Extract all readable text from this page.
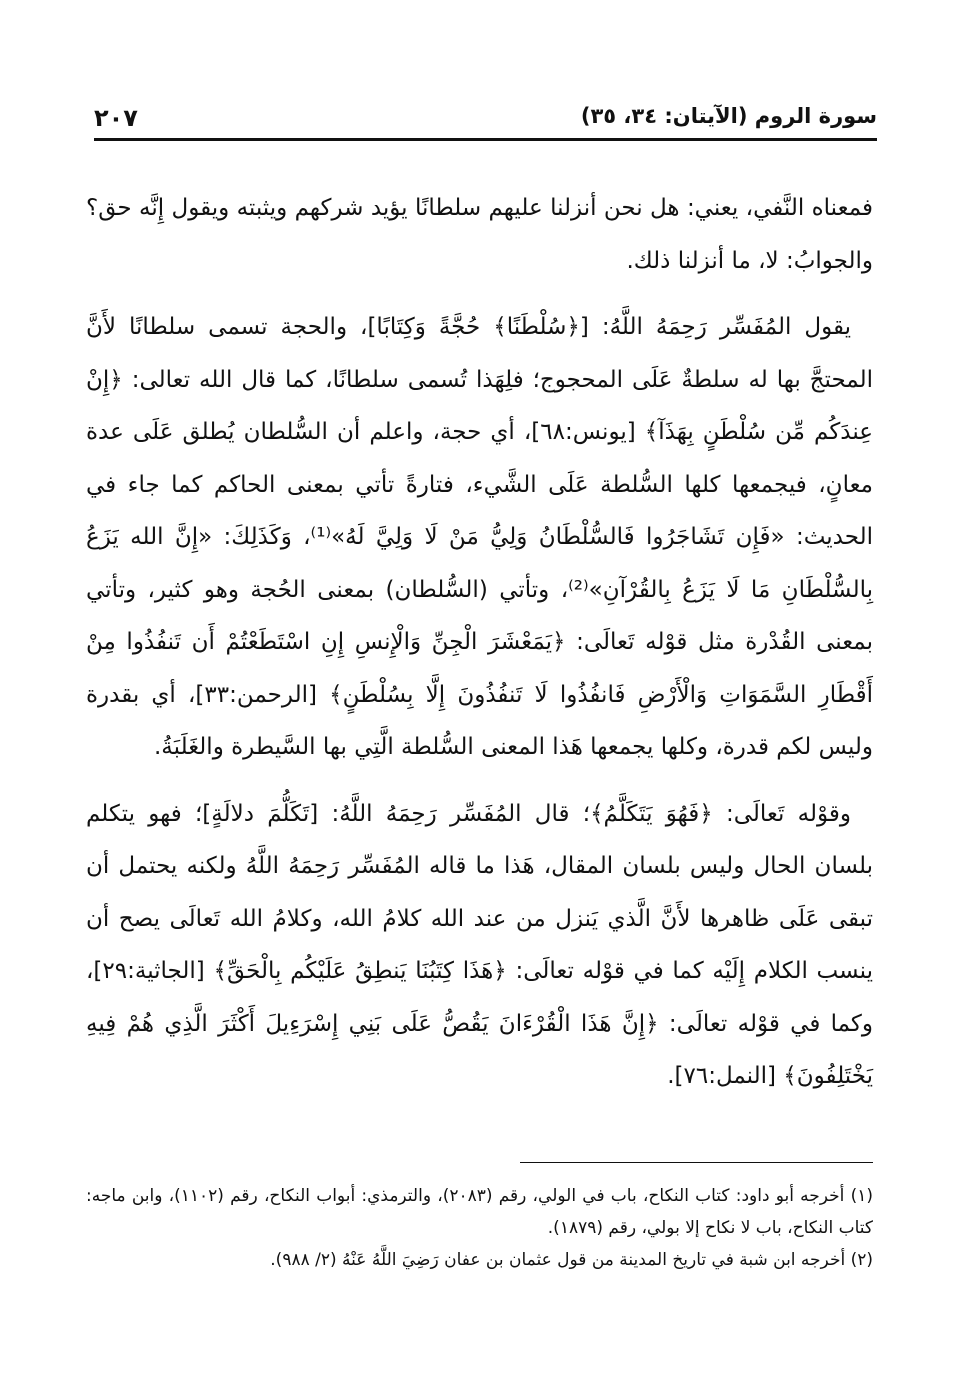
سورة الروم (الآيتان: ٣٤، ٣٥)
٢٠٧

فمعناه النَّفي، يعني: هل نحن أنزلنا عليهم سلطانًا يؤيد شركهم ويثبته ويقول إِنَّه حق؟ والجوابُ: لا، ما أنزلنا ذلك.

يقول المُفَسِّر رَحِمَهُ اللَّهُ: [﴿سُلْطَنًا﴾ حُجَّةً وَكِتَابًا]، والحجة تسمى سلطانًا لأَنَّ المحتجَّ بها له سلطةٌ عَلَى المحجوج؛ فلِهَذا تُسمى سلطانًا، كما قال الله تعالى: ﴿إِنْ عِندَكُم مِّن سُلْطَنٍ بِهَذَآ﴾ [يونس:٦٨]، أي حجة، واعلم أن السُّلطان يُطلق عَلَى عدة معانٍ، فيجمعها كلها السُّلطة عَلَى الشَّيء، فتارةً تأتي بمعنى الحاكم كما جاء في الحديث: «فَإِن تَشَاجَرُوا فَالسُّلْطَانُ وَلِيُّ مَنْ لَا وَلِيَّ لَهُ»⁽¹⁾، وَكَذَلِكَ: «إِنَّ الله يَزَعُ بِالسُّلْطَانِ مَا لَا يَزَعُ بِالقُرْآنِ»⁽²⁾، وتأتي (السُّلطان) بمعنى الحُجة وهو كثير، وتأتي بمعنى القُدْرة مثل قوْله تَعالَى: ﴿يَمَعْشَرَ الْجِنِّ وَالْإِنسِ إِنِ اسْتَطَعْتُمْ أَن تَنفُذُوا مِنْ أَقْطَارِ السَّمَوَاتِ وَالْأَرْضِ فَانفُذُوا لَا تَنفُذُونَ إِلَّا بِسُلْطَنٍ﴾ [الرحمن:٣٣]، أي بقدرة وليس لكم قدرة، وكلها يجمعها هَذا المعنى السُّلطة الَّتِي بها السَّيطرة والغَلَبَةُ.

وقوْله تَعالَى: ﴿فَهُوَ يَتَكَلَّمُ﴾؛ قال المُفَسِّر رَحِمَهُ اللَّهُ: [تَكَلُّمَ دلالَةٍ]؛ فهو يتكلم بلسان الحال وليس بلسان المقال، هَذا ما قاله المُفَسِّر رَحِمَهُ اللَّهُ ولكنه يحتمل أن تبقى عَلَى ظاهرها لأَنَّ الَّذي يَنزل من عند الله كلامُ الله، وكلامُ الله تَعالَى يصح أن ينسب الكلام إِلَيْه كما في قوْله تعالَى: ﴿هَذَا كِتَبُنَا يَنطِقُ عَلَيْكُم بِالْحَقِّ﴾ [الجاثية:٢٩]، وكما في قوْله تعالَى: ﴿إِنَّ هَذَا الْقُرْءَانَ يَقُصُّ عَلَى بَنِي إِسْرَءِيلَ أَكْثَرَ الَّذِي هُمْ فِيهِ يَخْتَلِفُونَ﴾ [النمل:٧٦].

(١) أخرجه أبو داود: كتاب النكاح، باب في الولي، رقم (٢٠٨٣)، والترمذي: أبواب النكاح، رقم (١١٠٢)، وابن ماجه: كتاب النكاح، باب لا نكاح إلا بولي، رقم (١٨٧٩).

(٢) أخرجه ابن شبة في تاريخ المدينة من قول عثمان بن عفان رَضِيَ اللَّهُ عَنْهُ (٢/ ٩٨٨).
